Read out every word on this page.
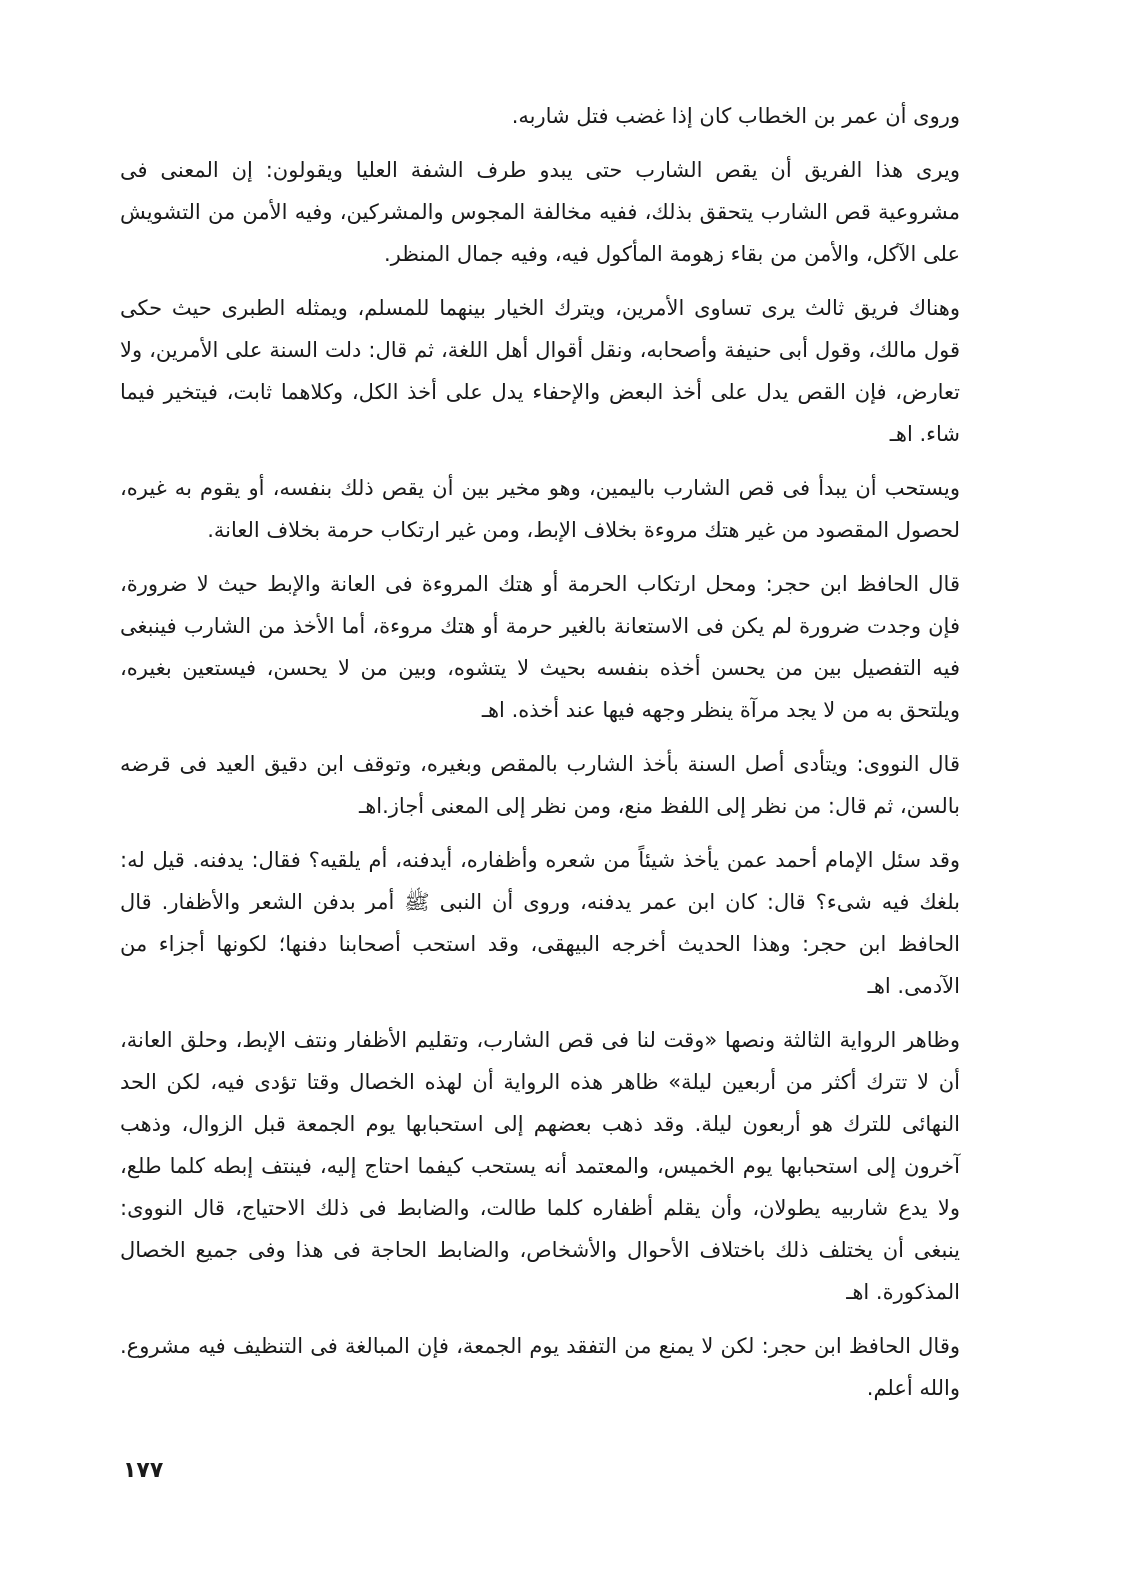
وروى أن عمر بن الخطاب كان إذا غضب فتل شاربه.

ويرى هذا الفريق أن يقص الشارب حتى يبدو طرف الشفة العليا ويقولون: إن المعنى فى مشروعية قص الشارب يتحقق بذلك، ففيه مخالفة المجوس والمشركين، وفيه الأمن من التشويش على الآكل، والأمن من بقاء زهومة المأكول فيه، وفيه جمال المنظر.

وهناك فريق ثالث يرى تساوى الأمرين، ويترك الخيار بينهما للمسلم، ويمثله الطبرى حيث حكى قول مالك، وقول أبى حنيفة وأصحابه، ونقل أقوال أهل اللغة، ثم قال: دلت السنة على الأمرين، ولا تعارض، فإن القص يدل على أخذ البعض والإحفاء يدل على أخذ الكل، وكلاهما ثابت، فيتخير فيما شاء. اهـ

ويستحب أن يبدأ فى قص الشارب باليمين، وهو مخير بين أن يقص ذلك بنفسه، أو يقوم به غيره، لحصول المقصود من غير هتك مروءة بخلاف الإبط، ومن غير ارتكاب حرمة بخلاف العانة.

قال الحافظ ابن حجر: ومحل ارتكاب الحرمة أو هتك المروءة فى العانة والإبط حيث لا ضرورة، فإن وجدت ضرورة لم يكن فى الاستعانة بالغير حرمة أو هتك مروءة، أما الأخذ من الشارب فينبغى فيه التفصيل بين من يحسن أخذه بنفسه بحيث لا يتشوه، وبين من لا يحسن، فيستعين بغيره، ويلتحق به من لا يجد مرآة ينظر وجهه فيها عند أخذه. اهـ

قال النووى: ويتأدى أصل السنة بأخذ الشارب بالمقص وبغيره، وتوقف ابن دقيق العيد فى قرضه بالسن، ثم قال: من نظر إلى اللفظ منع، ومن نظر إلى المعنى أجاز.اهـ

وقد سئل الإمام أحمد عمن يأخذ شيئاً من شعره وأظفاره، أيدفنه، أم يلقيه؟ فقال: يدفنه. قيل له: بلغك فيه شىء؟ قال: كان ابن عمر يدفنه، وروى أن النبى ﷺ أمر بدفن الشعر والأظفار. قال الحافظ ابن حجر: وهذا الحديث أخرجه البيهقى، وقد استحب أصحابنا دفنها؛ لكونها أجزاء من الآدمى. اهـ

وظاهر الرواية الثالثة ونصها «وقت لنا فى قص الشارب، وتقليم الأظفار ونتف الإبط، وحلق العانة، أن لا تترك أكثر من أربعين ليلة» ظاهر هذه الرواية أن لهذه الخصال وقتا تؤدى فيه، لكن الحد النهائى للترك هو أربعون ليلة. وقد ذهب بعضهم إلى استحبابها يوم الجمعة قبل الزوال، وذهب آخرون إلى استحبابها يوم الخميس، والمعتمد أنه يستحب كيفما احتاج إليه، فينتف إبطه كلما طلع، ولا يدع شاربيه يطولان، وأن يقلم أظفاره كلما طالت، والضابط فى ذلك الاحتياج، قال النووى: ينبغى أن يختلف ذلك باختلاف الأحوال والأشخاص، والضابط الحاجة فى هذا وفى جميع الخصال المذكورة. اهـ

وقال الحافظ ابن حجر: لكن لا يمنع من التفقد يوم الجمعة، فإن المبالغة فى التنظيف فيه مشروع. والله أعلم.

١٧٧
